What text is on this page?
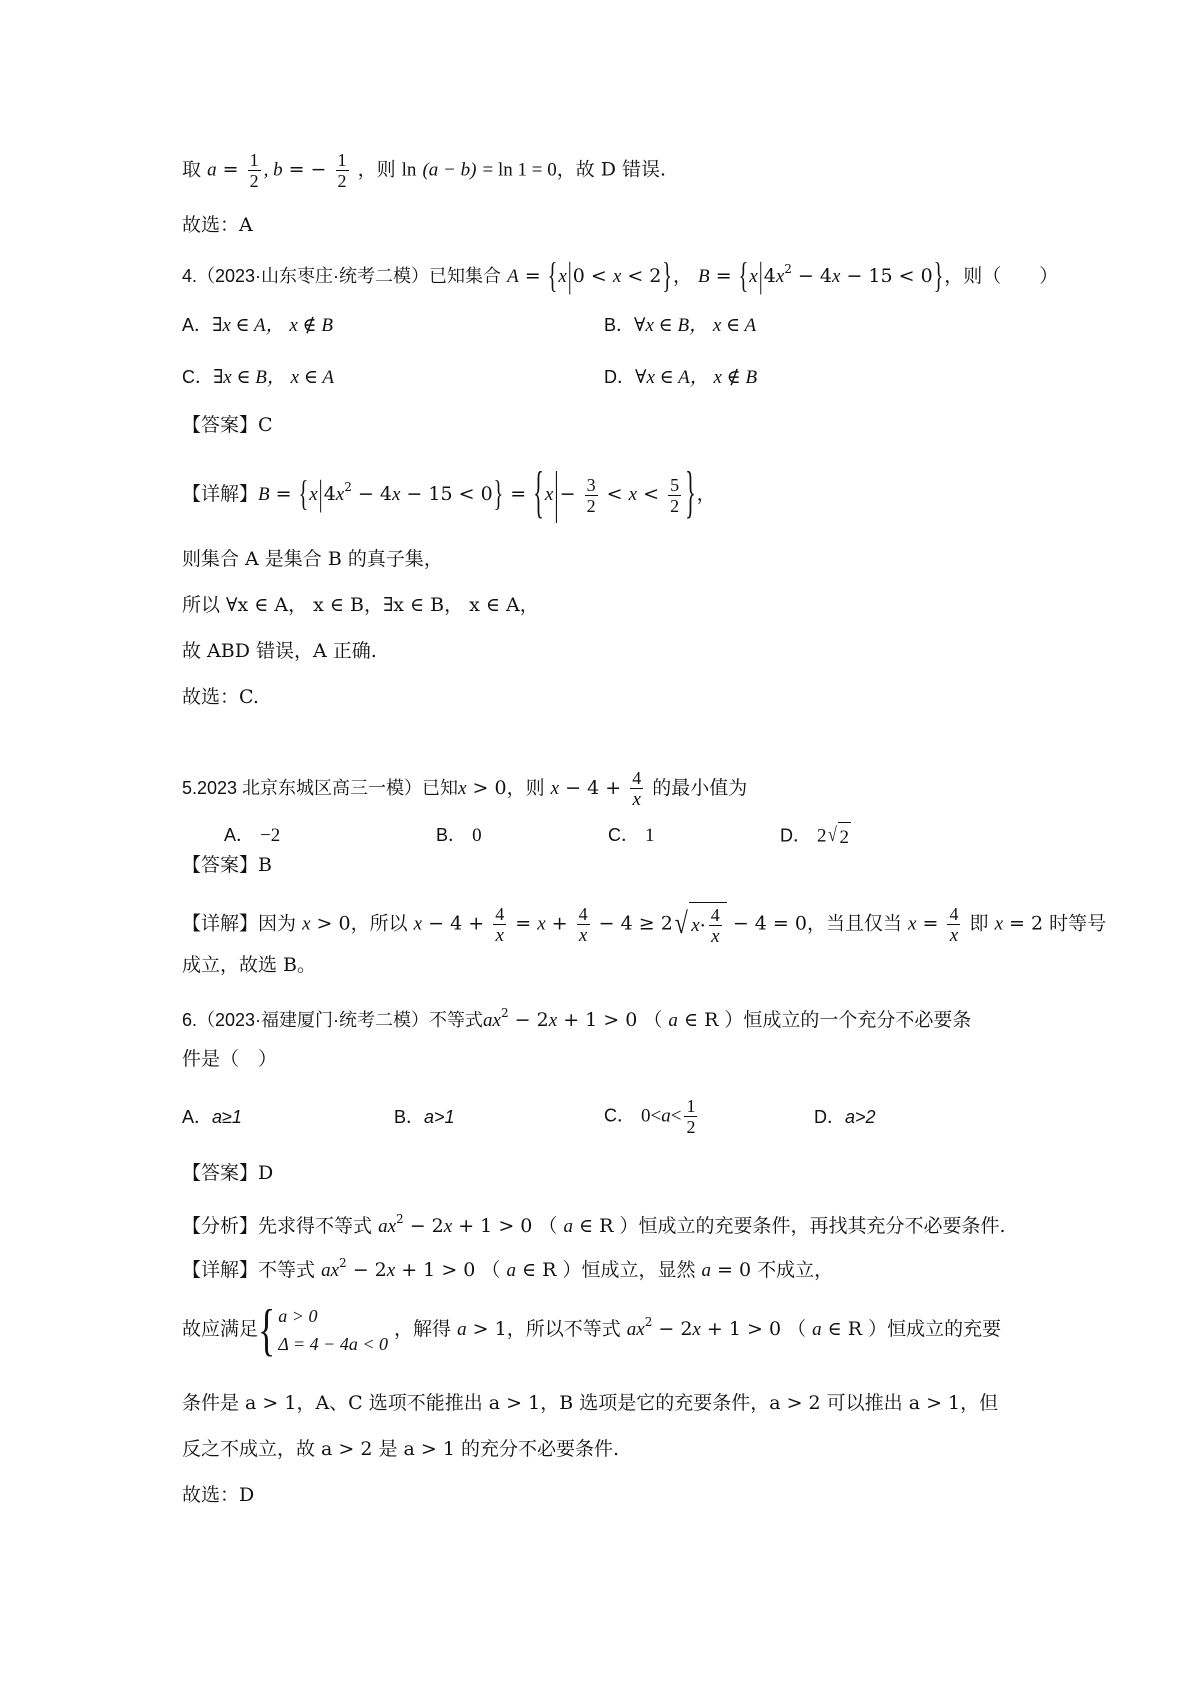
取 $a = \frac{1}{2}$ , b = − $\frac{1}{2}$ ，则 ln (a − b) = ln 1 = 0，故 D 错误.
故选：A
4.（2023·山东枣庄·统考二模）已知集合 A = {x|0 < x < 2}， $B = \{x|4x^2 - 4x - 15 < 0\}$，则（　　）
A．∃x ∈ A， x ∉ B	B．∀x ∈ B， x ∈ A
C．∃x ∈ B， x ∈ A	D．∀x ∈ A， x ∉ B
【答案】C
【详解】$B = \{x|4x^2 - 4x - 15 < 0\} = \{x|- \frac{3}{2} < x < \frac{5}{2}$ }，
则集合 A 是集合 B 的真子集，
所以 ∀x ∈ A， x ∈ B，∃x ∈ B， x ∈ A，
故 ABD 错误，A 正确.
故选：C.
5.2023 北京东城区高三一模）已知x > 0，则 $x - 4 + \frac{4}{x}$ 的最小值为
A． −2	B． 0	C． 1	D． 2 √ 2
【答案】B
【详解】因为 x > 0，所以 $x - 4 + \frac{4}{x} = x + \frac{4}{x} - 4 \ge 2$ √ $x \cdot \frac{4}{x} - 4 = 0$，当且仅当 $x = \frac{4}{x}$ 即 x = 2 时等号
成立，故选 B。
6.（2023·福建厦门·统考二模）不等式$ax^2 - 2x + 1 > 0$ （ a ∈ R ）恒成立的一个充分不必要条
件是（　）
A．a≥1	B．a>1	C． $0<a< \frac{1}{2}$	D．a>2
【答案】D
【分析】先求得不等式 $ax^2 - 2x + 1 > 0$ （ a ∈ R ）恒成立的充要条件，再找其充分不必要条件.
【详解】不等式 $ax^2 - 2x + 1 > 0$ （ a ∈ R ）恒成立，显然 a = 0 不成立，
故应满足 { a > 0
Δ = 4 − 4a < 0
，解得 a > 1，所以不等式 $ax^2 - 2x + 1 > 0$ （ a ∈ R ）恒成立的充要
条件是 a > 1，A、C 选项不能推出 a > 1，B 选项是它的充要条件，a > 2 可以推出 a > 1，但
反之不成立，故 a > 2 是 a > 1 的充分不必要条件.
故选：D
